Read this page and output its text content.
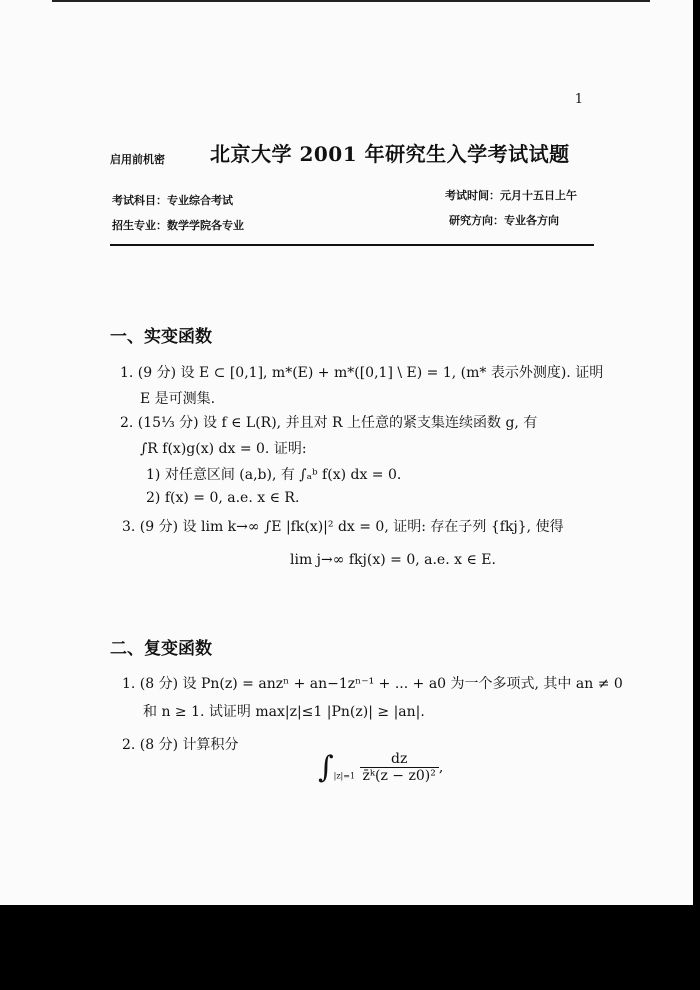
1
启用前机密 北京大学 2001 年研究生入学考试试题
考试科目：专业综合考试	考试时间：元月十五日上午
招生专业：数学学院各专业	研究方向：专业各方向
一、实变函数
1. (9 分) 设 E ⊂ [0,1], m*(E) + m*([0,1] \ E) = 1, (m* 表示外测度). 证明
E 是可测集.
2. (15⅓ 分) 设 f ∈ L(R), 并且对 R 上任意的紧支集连续函数 g, 有
∫R f(x)g(x) dx = 0. 证明:
1) 对任意区间 (a,b), 有 ∫ₐᵇ f(x) dx = 0.
2) f(x) = 0, a.e. x ∈ R.
3. (9 分) 设 lim k→∞ ∫E |fk(x)|² dx = 0, 证明: 存在子列 {fkj}, 使得
lim j→∞ fkj(x) = 0, a.e. x ∈ E.
二、复变函数
1. (8 分) 设 Pn(z) = anzⁿ + an−1zⁿ⁻¹ + ... + a0 为一个多项式, 其中 an ≠ 0
和 n ≥ 1. 试证明 max|z|≤1 |Pn(z)| ≥ |an|.
2. (8 分) 计算积分
$\int_{|z|=1} \frac{dz}{\text{z̄ᵏ(z − z0)²}}$ ,
